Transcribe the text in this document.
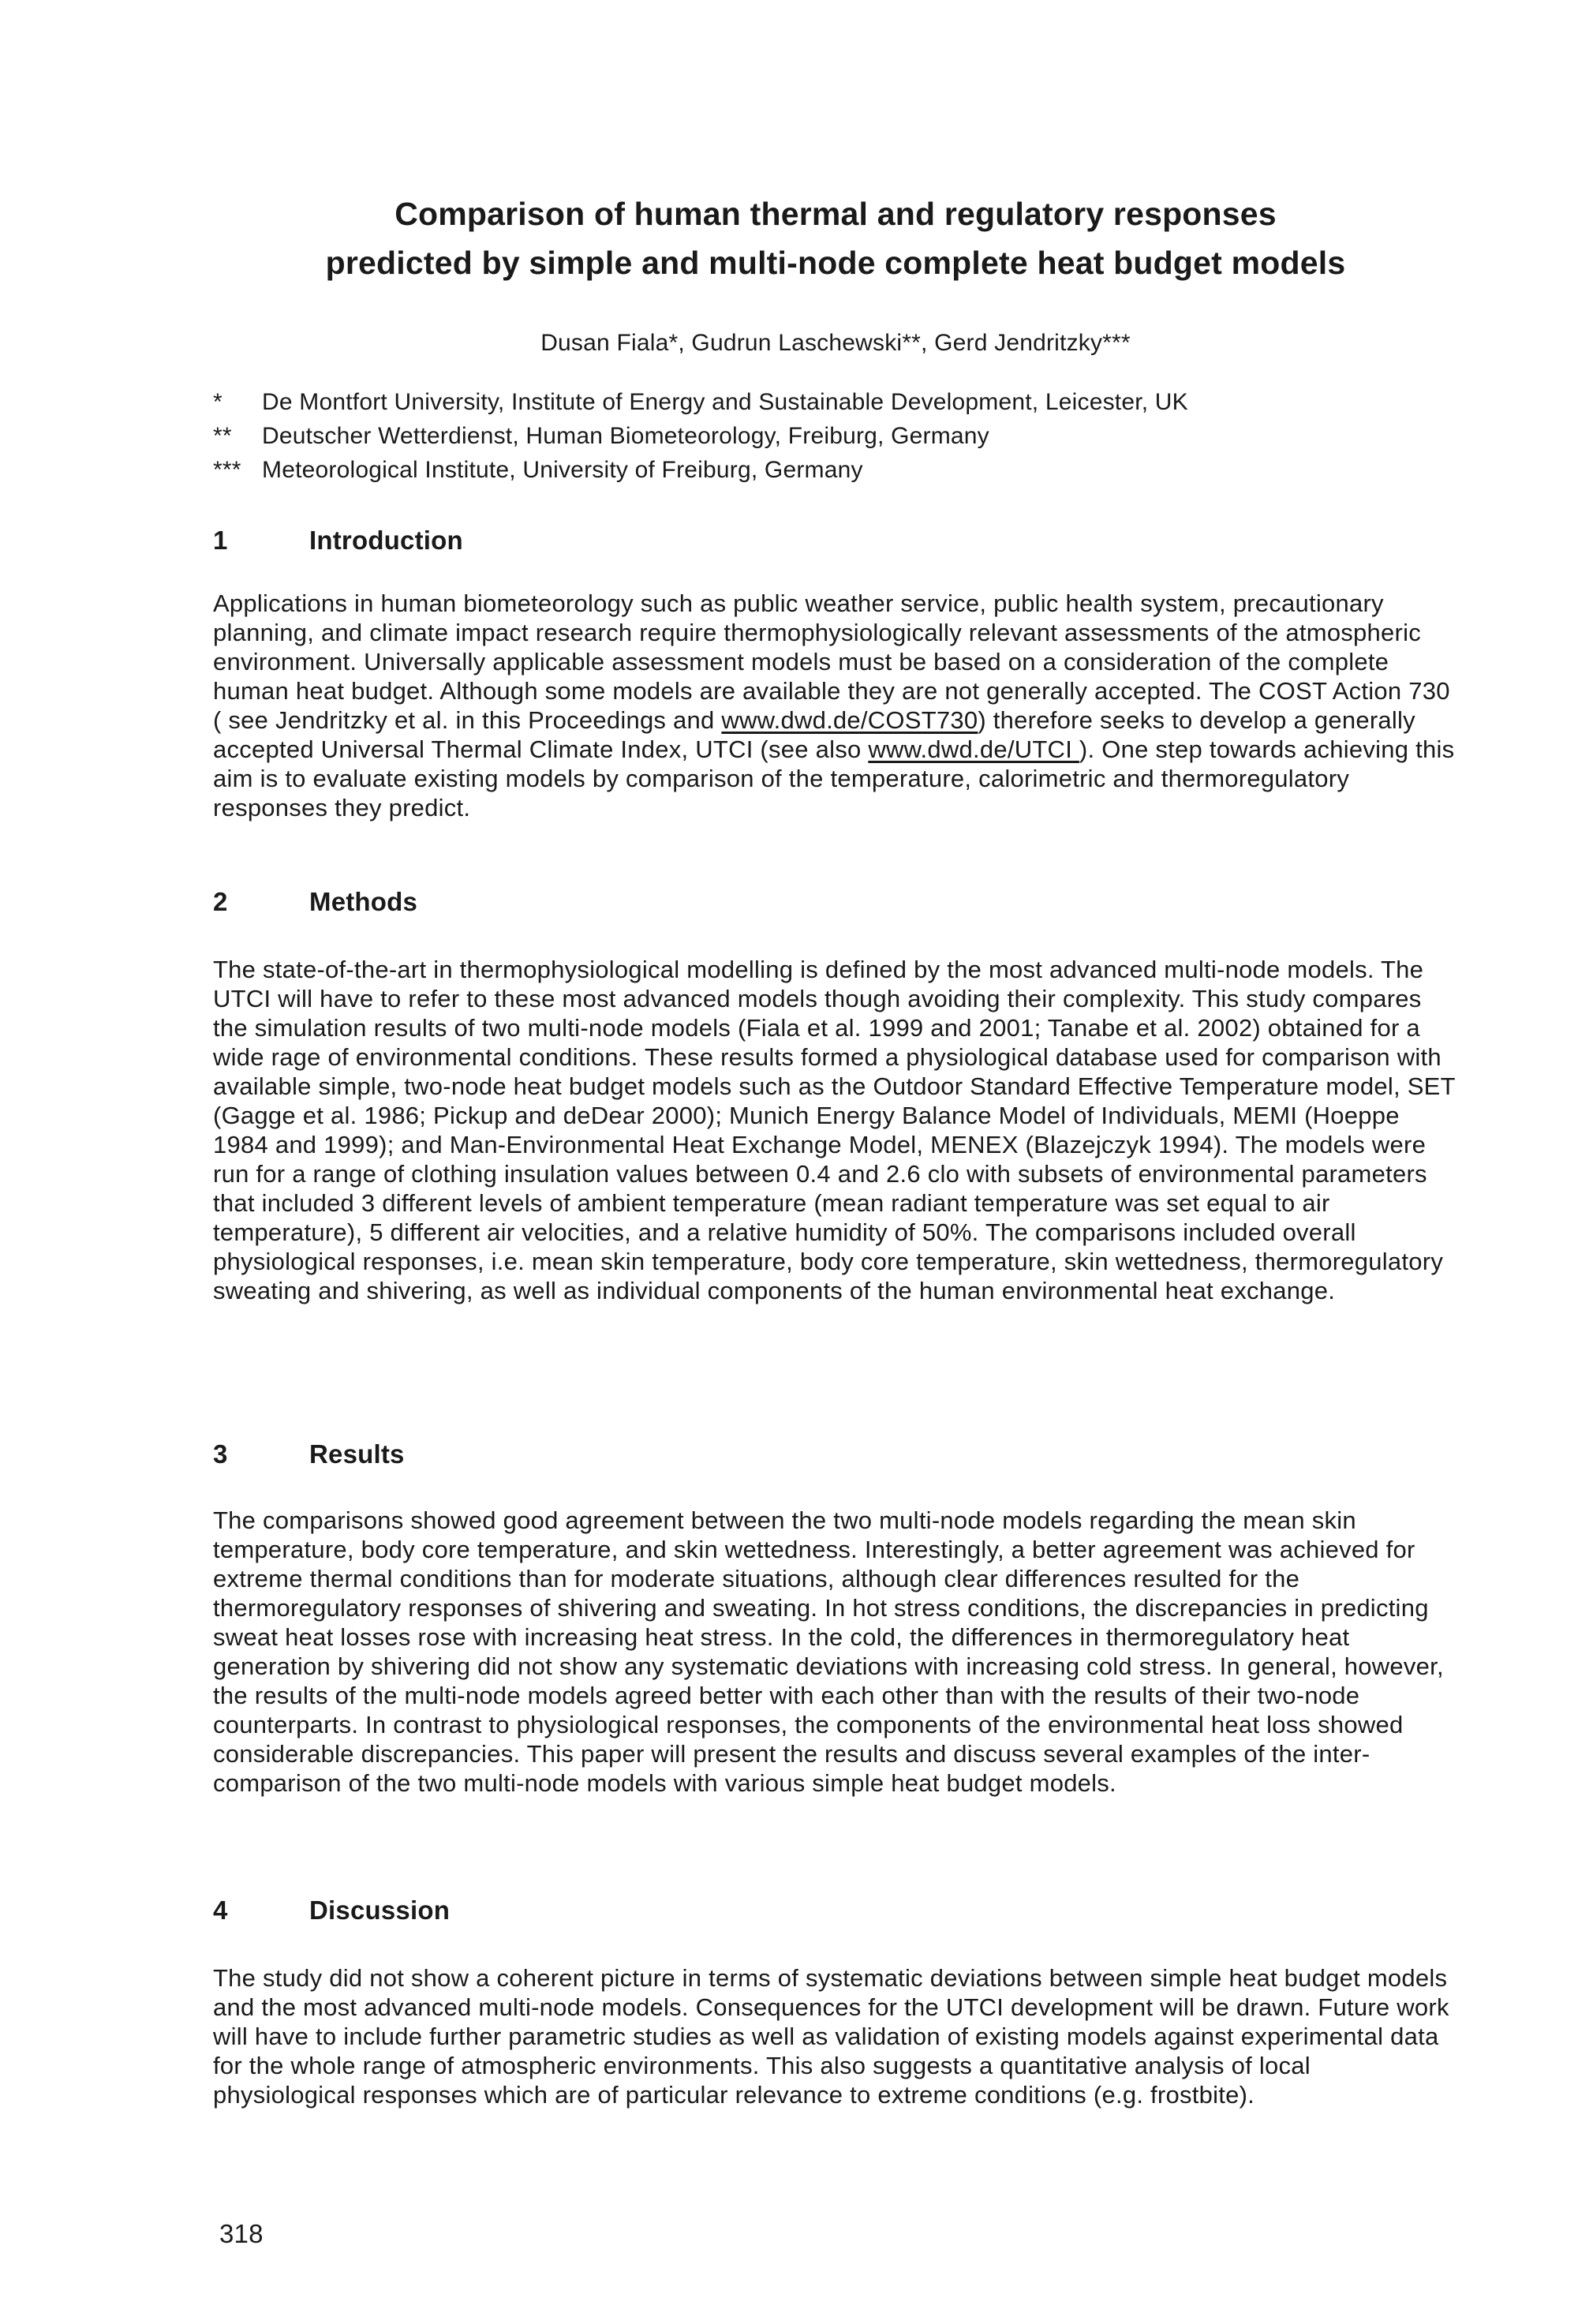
Comparison of human thermal and regulatory responses
predicted by simple and multi-node complete heat budget models
Dusan Fiala*, Gudrun Laschewski**, Gerd Jendritzky***
*	De Montfort University, Institute of Energy and Sustainable Development, Leicester, UK
**	Deutscher Wetterdienst, Human Biometeorology, Freiburg, Germany
*** Meteorological Institute, University of Freiburg, Germany
1	Introduction
Applications in human biometeorology such as public weather service, public health system, precautionary planning, and climate impact research require thermophysiologically relevant assessments of the atmospheric environment. Universally applicable assessment models must be based on a consideration of the complete human heat budget. Although some models are available they are not generally accepted. The COST Action 730 ( see Jendritzky et al. in this Proceedings and www.dwd.de/COST730) therefore seeks to develop a generally accepted Universal Thermal Climate Index, UTCI (see also www.dwd.de/UTCI ). One step towards achieving this aim is to evaluate existing models by comparison of the temperature, calorimetric and thermoregulatory responses they predict.
2	Methods
The state-of-the-art in thermophysiological modelling is defined by the most advanced multi-node models. The UTCI will have to refer to these most advanced models though avoiding their complexity. This study compares the simulation results of two multi-node models (Fiala et al. 1999 and 2001; Tanabe et al. 2002) obtained for a wide rage of environmental conditions. These results formed a physiological database used for comparison with available simple, two-node heat budget models such as the Outdoor Standard Effective Temperature model, SET (Gagge et al. 1986; Pickup and deDear 2000); Munich Energy Balance Model of Individuals, MEMI (Hoeppe 1984 and 1999); and Man-Environmental Heat Exchange Model, MENEX (Blazejczyk 1994). The models were run for a range of clothing insulation values between 0.4 and 2.6 clo with subsets of environmental parameters that included 3 different levels of ambient temperature (mean radiant temperature was set equal to air temperature), 5 different air velocities, and a relative humidity of 50%. The comparisons included overall physiological responses, i.e. mean skin temperature, body core temperature, skin wettedness, thermoregulatory sweating and shivering, as well as individual components of the human environmental heat exchange.
3	Results
The comparisons showed good agreement between the two multi-node models regarding the mean skin temperature, body core temperature, and skin wettedness. Interestingly, a better agreement was achieved for extreme thermal conditions than for moderate situations, although clear differences resulted for the thermoregulatory responses of shivering and sweating. In hot stress conditions, the discrepancies in predicting sweat heat losses rose with increasing heat stress. In the cold, the differences in thermoregulatory heat generation by shivering did not show any systematic deviations with increasing cold stress. In general, however, the results of the multi-node models agreed better with each other than with the results of their two-node counterparts. In contrast to physiological responses, the components of the environmental heat loss showed considerable discrepancies. This paper will present the results and discuss several examples of the inter-comparison of the two multi-node models with various simple heat budget models.
4	Discussion
The study did not show a coherent picture in terms of systematic deviations between simple heat budget models and the most advanced multi-node models. Consequences for the UTCI development will be drawn. Future work will have to include further parametric studies as well as validation of existing models against experimental data for the whole range of atmospheric environments. This also suggests a quantitative analysis of local physiological responses which are of particular relevance to extreme conditions (e.g. frostbite).
318
